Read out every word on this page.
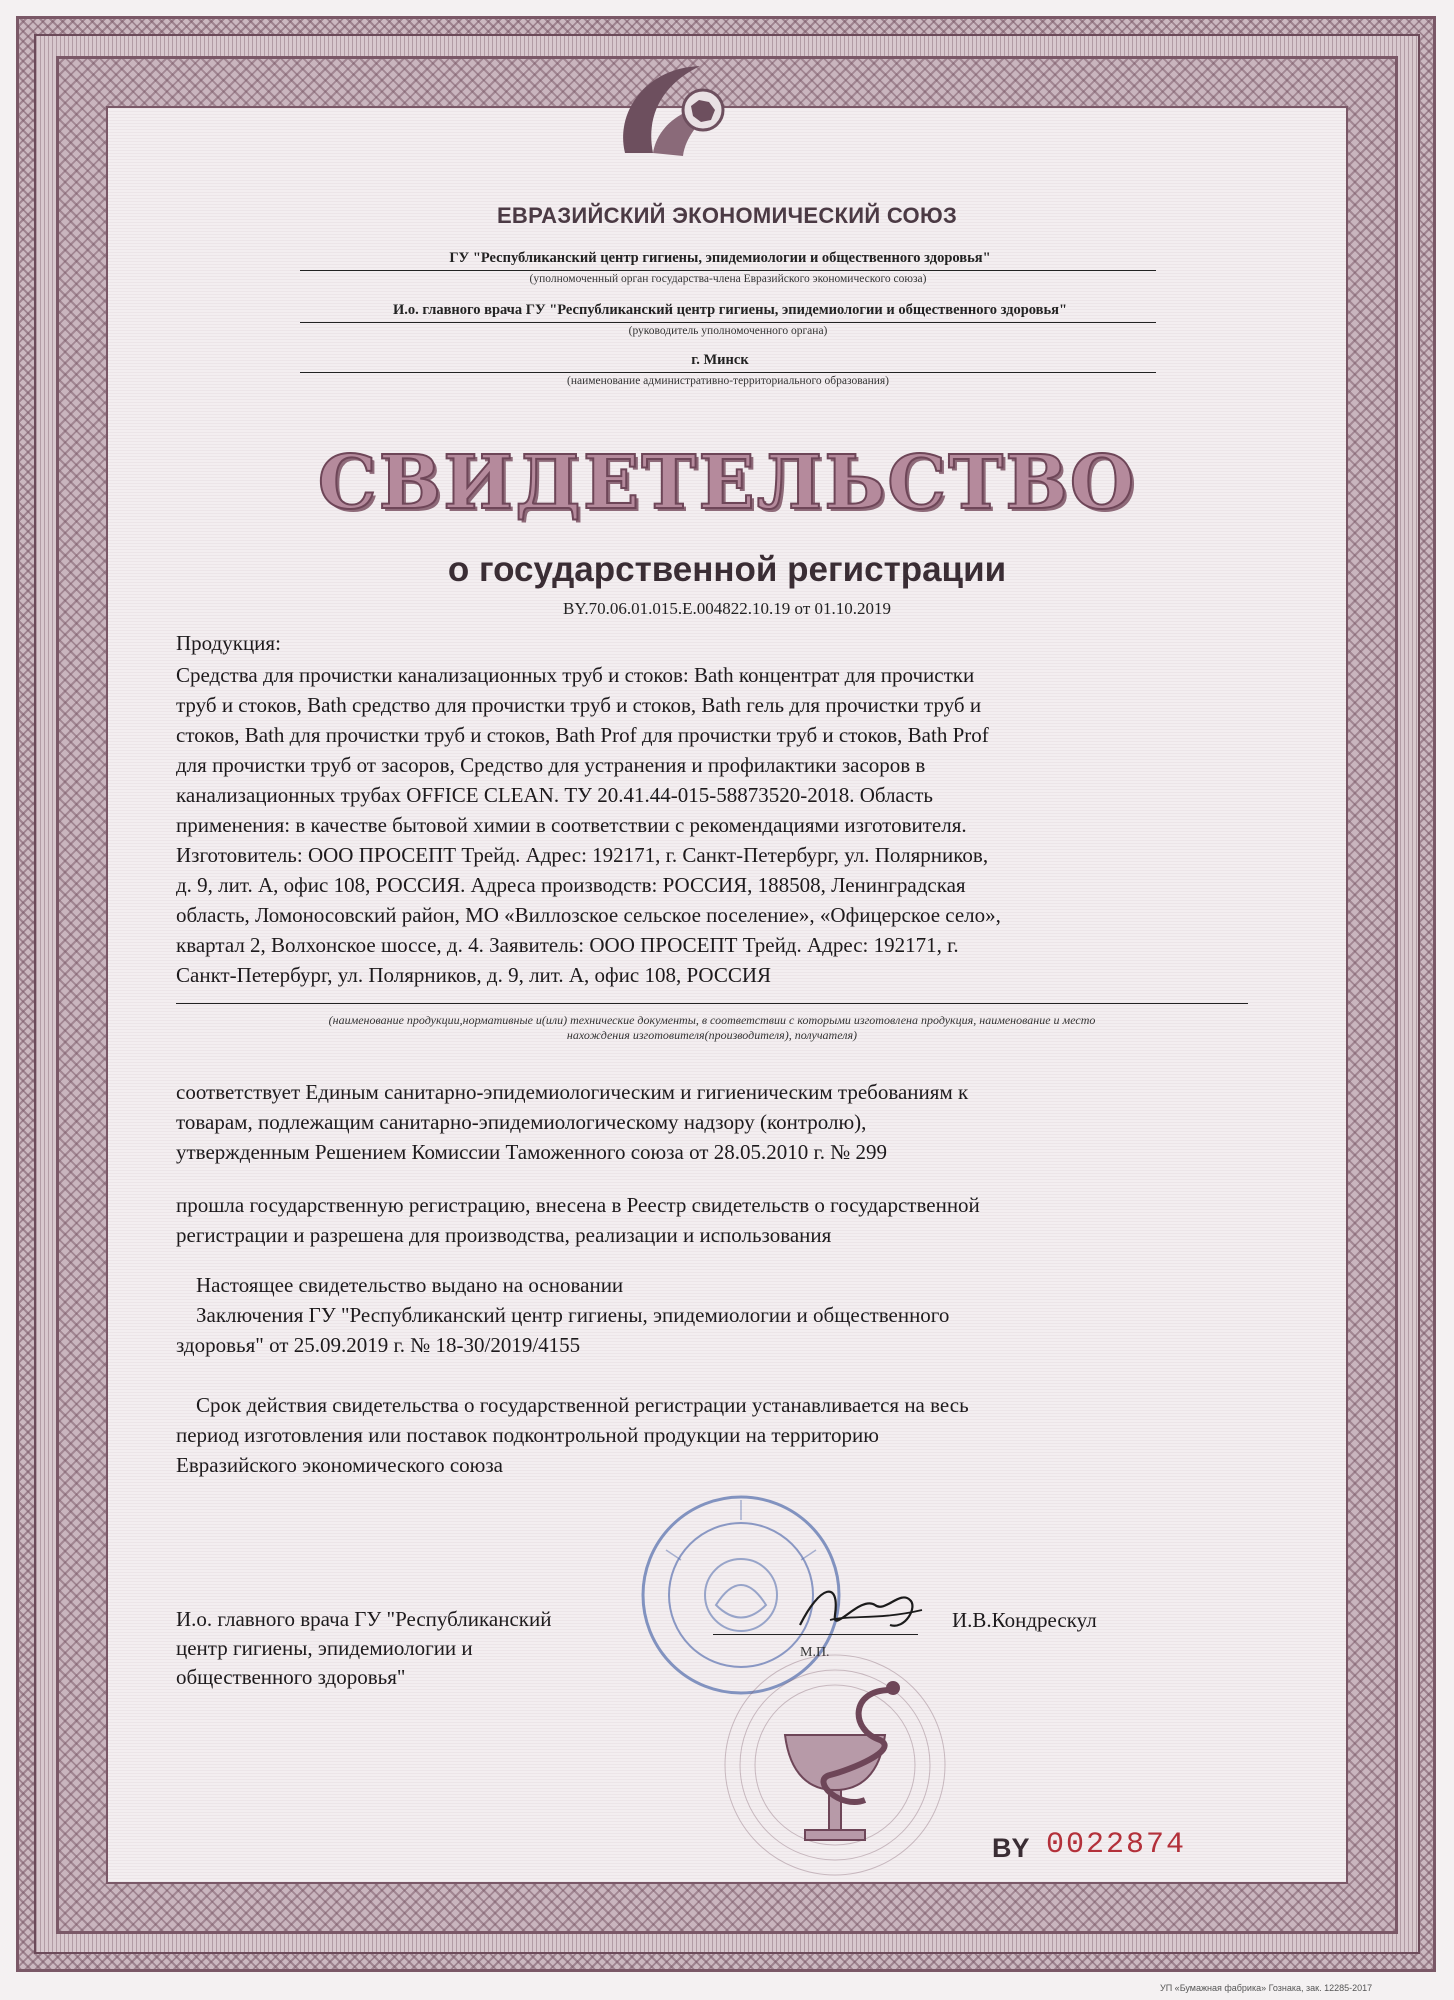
ЕВРАЗИЙСКИЙ ЭКОНОМИЧЕСКИЙ СОЮЗ
ГУ "Республиканский центр гигиены, эпидемиологии и общественного здоровья"
(уполномоченный орган государства-члена Евразийского экономического союза)
И.о. главного врача ГУ "Республиканский центр гигиены, эпидемиологии и общественного здоровья"
(руководитель уполномоченного органа)
г. Минск
(наименование административно-территориального образования)
СВИДЕТЕЛЬСТВО
о государственной регистрации
BY.70.06.01.015.E.004822.10.19 от 01.10.2019
Продукция:
Средства для прочистки канализационных труб и стоков: Bath концентрат для прочистки
труб и стоков, Bath средство для прочистки труб и стоков, Bath гель для прочистки труб и
стоков, Bath для прочистки труб и стоков, Bath Prof для прочистки труб и стоков, Bath Prof
для прочистки труб от засоров, Средство для устранения и профилактики засоров в
канализационных трубах OFFICE CLEAN. ТУ 20.41.44-015-58873520-2018. Область
применения: в качестве бытовой химии в соответствии с рекомендациями изготовителя.
Изготовитель: ООО ПРОСЕПТ Трейд. Адрес: 192171, г. Санкт-Петербург, ул. Полярников,
д. 9, лит. А, офис 108, РОССИЯ. Адреса производств: РОССИЯ, 188508, Ленинградская
область, Ломоносовский район, МО «Виллозское сельское поселение», «Офицерское село»,
квартал 2, Волхонское шоссе, д. 4. Заявитель: ООО ПРОСЕПТ Трейд. Адрес: 192171, г.
Санкт-Петербург, ул. Полярников, д. 9, лит. А, офис 108, РОССИЯ
(наименование продукции,нормативные и(или) технические документы, в соответствии с которыми изготовлена продукция, наименование и место
нахождения изготовителя(производителя), получателя)
соответствует Единым санитарно-эпидемиологическим и гигиеническим требованиям к
товарам, подлежащим санитарно-эпидемиологическому надзору (контролю),
утвержденным Решением Комиссии Таможенного союза от 28.05.2010 г. № 299
прошла государственную регистрацию, внесена в Реестр свидетельств о государственной
регистрации и разрешена для производства, реализации и использования
Настоящее свидетельство выдано на основании
Заключения ГУ "Республиканский центр гигиены, эпидемиологии и общественного
здоровья" от 25.09.2019 г. № 18-30/2019/4155
Срок действия свидетельства о государственной регистрации устанавливается на весь
период изготовления или поставок подконтрольной продукции на территорию
Евразийского экономического союза
И.о. главного врача ГУ "Республиканский
центр гигиены, эпидемиологии и
общественного здоровья"
И.В.Кондрескул
М.П.
BY 0022874
УП «Бумажная фабрика» Гознака, зак. 12285-2017
